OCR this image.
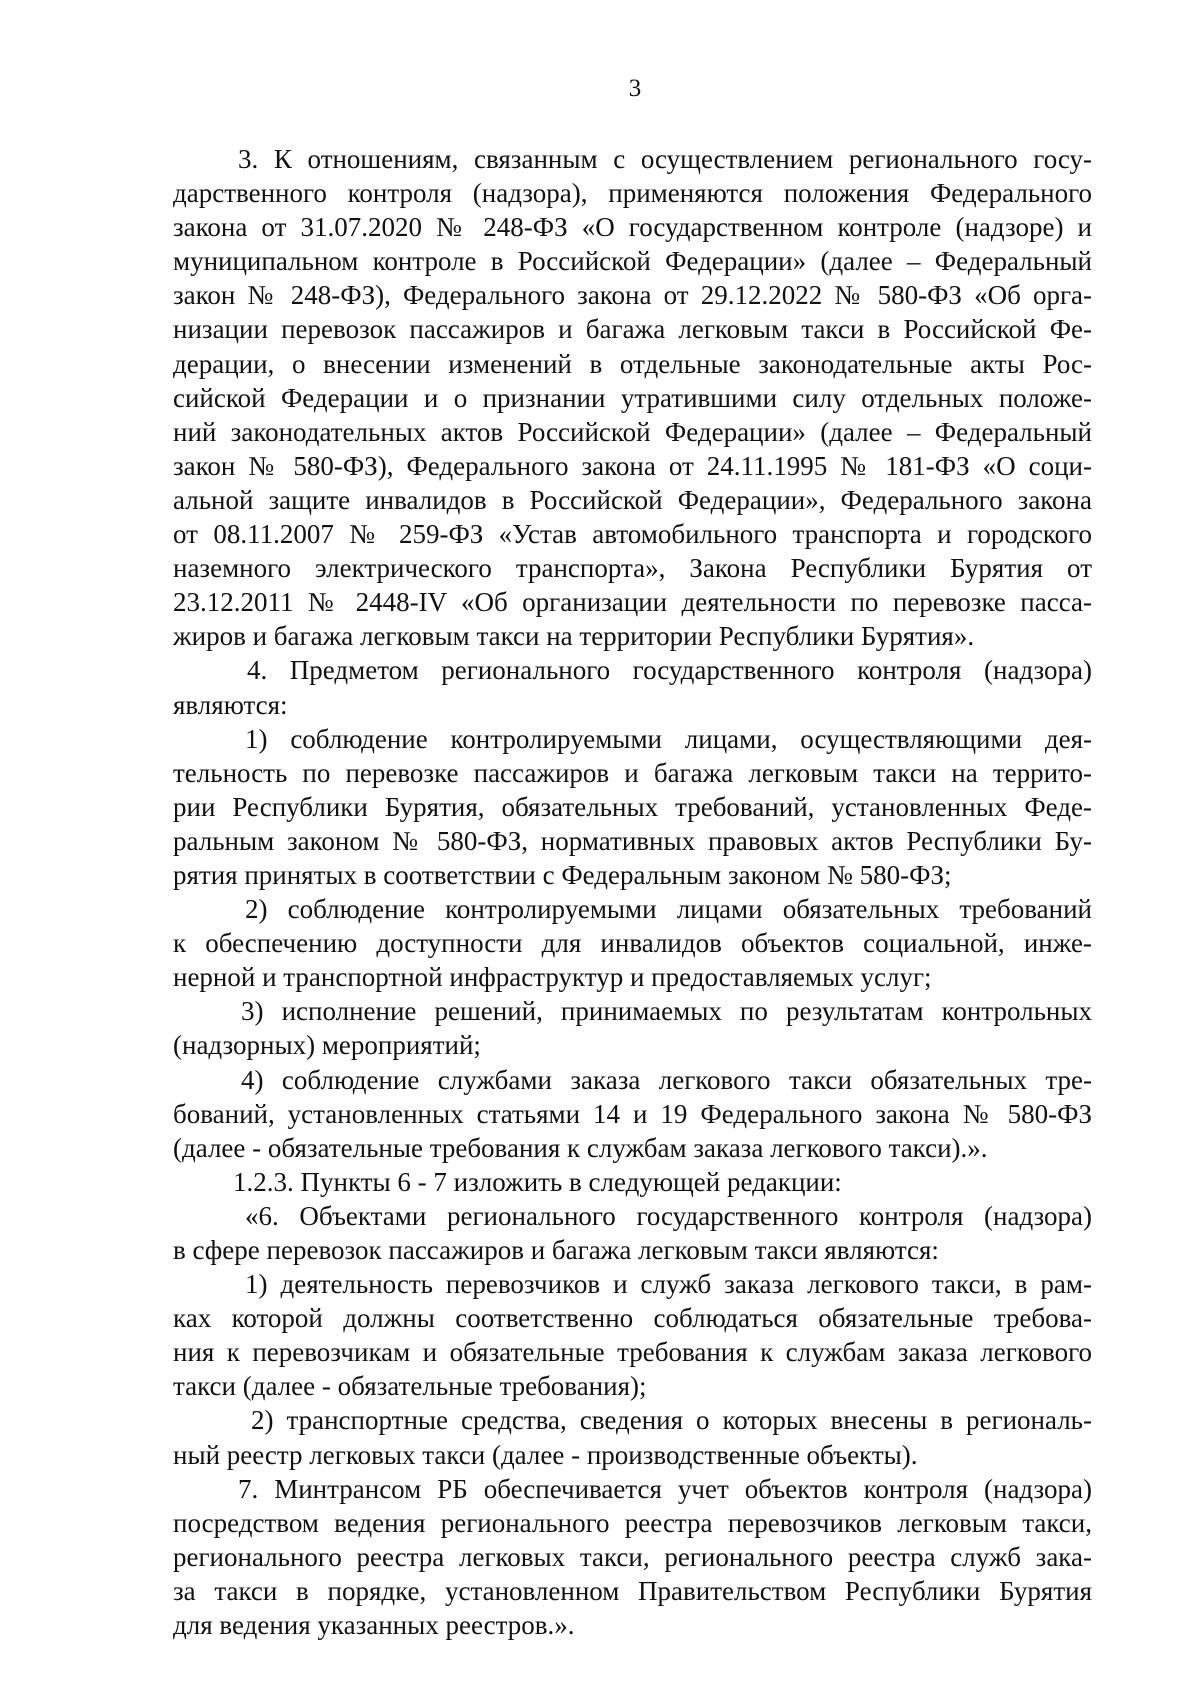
3
3. К отношениям, связанным с осуществлением регионального госу-
дарственного контроля (надзора), применяются положения Федерального
закона от 31.07.2020 № 248-ФЗ «О государственном контроле (надзоре) и
муниципальном контроле в Российской Федерации» (далее – Федеральный
закон № 248-ФЗ), Федерального закона от 29.12.2022 № 580-ФЗ «Об орга-
низации перевозок пассажиров и багажа легковым такси в Российской Фе-
дерации, о внесении изменений в отдельные законодательные акты Рос-
сийской Федерации и о признании утратившими силу отдельных положе-
ний законодательных актов Российской Федерации» (далее – Федеральный
закон № 580-ФЗ), Федерального закона от 24.11.1995 № 181-ФЗ «О соци-
альной защите инвалидов в Российской Федерации», Федерального закона
от 08.11.2007 № 259-ФЗ «Устав автомобильного транспорта и городского
наземного электрического транспорта», Закона Республики Бурятия от
23.12.2011 № 2448-IV «Об организации деятельности по перевозке пасса-
жиров и багажа легковым такси на территории Республики Бурятия».
4. Предметом регионального государственного контроля (надзора)
являются:
1) соблюдение контролируемыми лицами, осуществляющими дея-
тельность по перевозке пассажиров и багажа легковым такси на террито-
рии Республики Бурятия, обязательных требований, установленных Феде-
ральным законом № 580-ФЗ, нормативных правовых актов Республики Бу-
рятия принятых в соответствии с Федеральным законом № 580-ФЗ;
2) соблюдение контролируемыми лицами обязательных требований
к обеспечению доступности для инвалидов объектов социальной, инже-
нерной и транспортной инфраструктур и предоставляемых услуг;
3) исполнение решений, принимаемых по результатам контрольных
(надзорных) мероприятий;
4) соблюдение службами заказа легкового такси обязательных тре-
бований, установленных статьями 14 и 19 Федерального закона № 580-ФЗ
(далее - обязательные требования к службам заказа легкового такси).».
1.2.3. Пункты 6 - 7 изложить в следующей редакции:
«6. Объектами регионального государственного контроля (надзора)
в сфере перевозок пассажиров и багажа легковым такси являются:
1) деятельность перевозчиков и служб заказа легкового такси, в рам-
ках которой должны соответственно соблюдаться обязательные требова-
ния к перевозчикам и обязательные требования к службам заказа легкового
такси (далее - обязательные требования);
2) транспортные средства, сведения о которых внесены в региональ-
ный реестр легковых такси (далее - производственные объекты).
7. Минтрансом РБ обеспечивается учет объектов контроля (надзора)
посредством ведения регионального реестра перевозчиков легковым такси,
регионального реестра легковых такси, регионального реестра служб зака-
за такси в порядке, установленном Правительством Республики Бурятия
для ведения указанных реестров.».
